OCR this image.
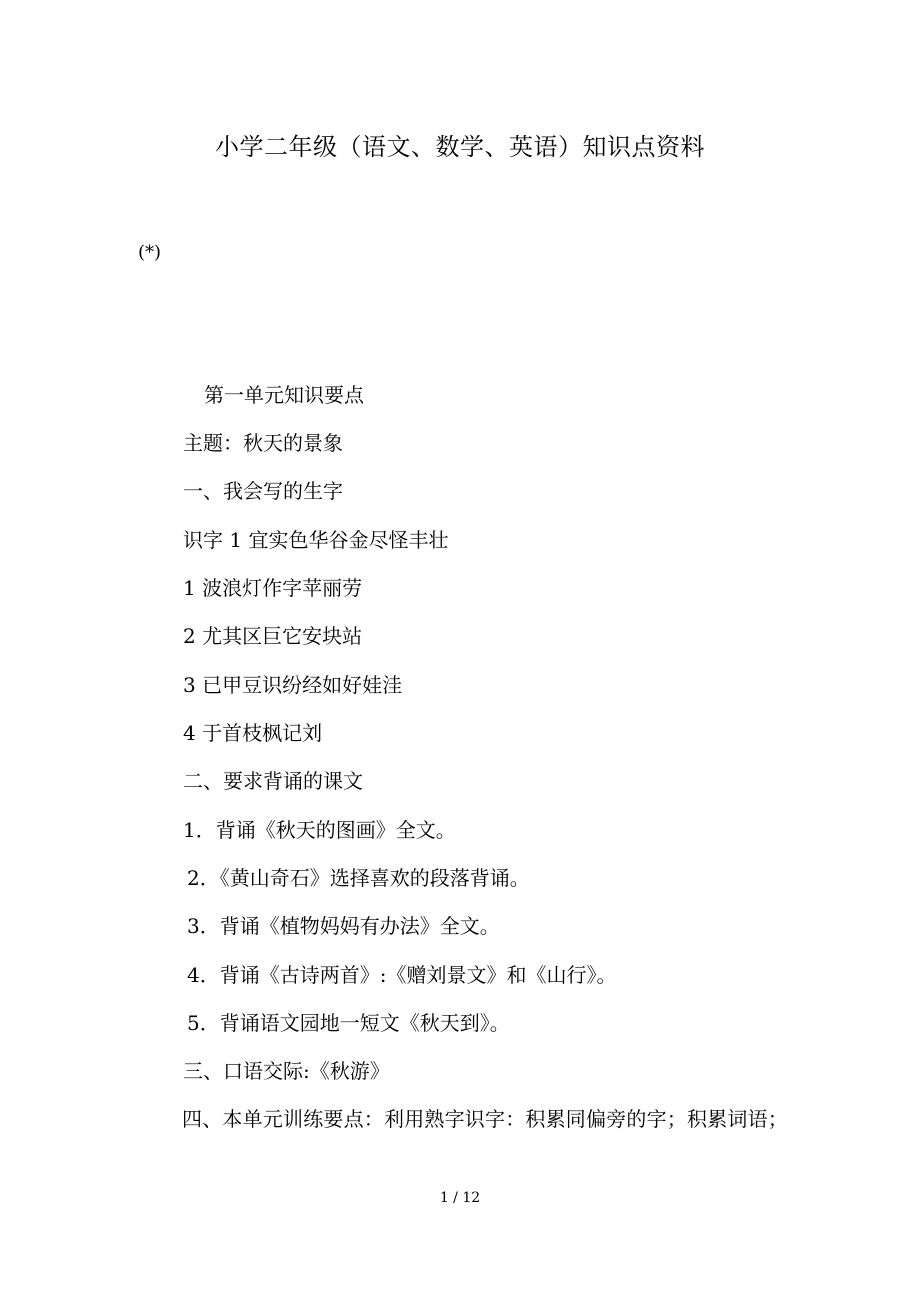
小学二年级（语文、数学、英语）知识点资料
(*)
第一单元知识要点
主题：秋天的景象
一、我会写的生字
识字 1 宜实色华谷金尽怪丰壮
1 波浪灯作字苹丽劳
2 尤其区巨它安块站
3 已甲豆识纷经如好娃洼
4 于首枝枫记刘
二、要求背诵的课文
1．背诵《秋天的图画》全文。
2．《黄山奇石》选择喜欢的段落背诵。
3．背诵《植物妈妈有办法》全文。
4．背诵《古诗两首》:《赠刘景文》和《山行》。
5．背诵语文园地一短文《秋天到》。
三、口语交际:《秋游》
四、本单元训练要点：利用熟字识字：积累同偏旁的字；积累词语；
1 / 12
